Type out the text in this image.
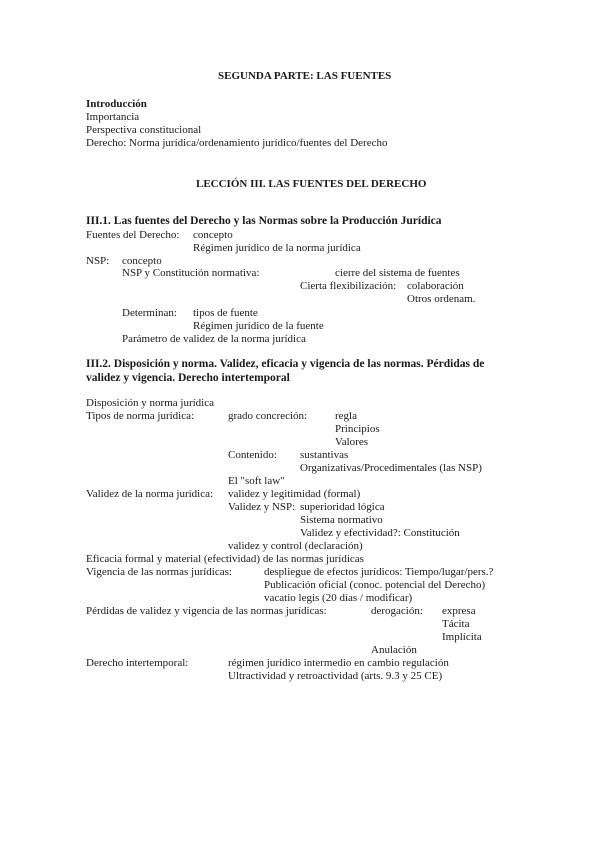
SEGUNDA PARTE: LAS FUENTES
Introducción
Importancia
Perspectiva constitucional
Derecho: Norma jurídica/ordenamiento jurídico/fuentes del Derecho
LECCIÓN III. LAS FUENTES DEL DERECHO
III.1. Las fuentes del Derecho y las Normas sobre la Producción Jurídica
Fuentes del Derecho: concepto
Régimen jurídico de la norma jurídica
NSP: concepto
NSP y Constitución normativa:	cierre del sistema de fuentes
Cierta flexibilización: colaboración
Otros ordenam.
Determinan: tipos de fuente
Régimen jurídico de la fuente
Parámetro de validez de la norma jurídica
III.2. Disposición y norma. Validez, eficacia y vigencia de las normas. Pérdidas de
validez y vigencia. Derecho intertemporal
Disposición y norma jurídica
Tipos de norma jurídica:	grado concreción:	regla
Principios
Valores
Contenido: sustantivas
Organizativas/Procedimentales (las NSP)
El "soft law"
Validez de la norma jurídica: validez y legitimidad (formal)
Validez y NSP: superioridad lógica
Sistema normativo
Validez y efectividad?: Constitución
validez y control (declaración)
Eficacia formal y material (efectividad) de las normas jurídicas
Vigencia de las normas jurídicas:	despliegue de efectos jurídicos: Tiempo/lugar/pers.?
Publicación oficial (conoc. potencial del Derecho)
vacatio legis (20 días / modificar)
Pérdidas de validez y vigencia de las normas jurídicas:	derogación: expresa
Tácita
Implícita
Anulación
Derecho intertemporal:	régimen jurídico intermedio en cambio regulación
Ultractividad y retroactividad (arts. 9.3 y 25 CE)
